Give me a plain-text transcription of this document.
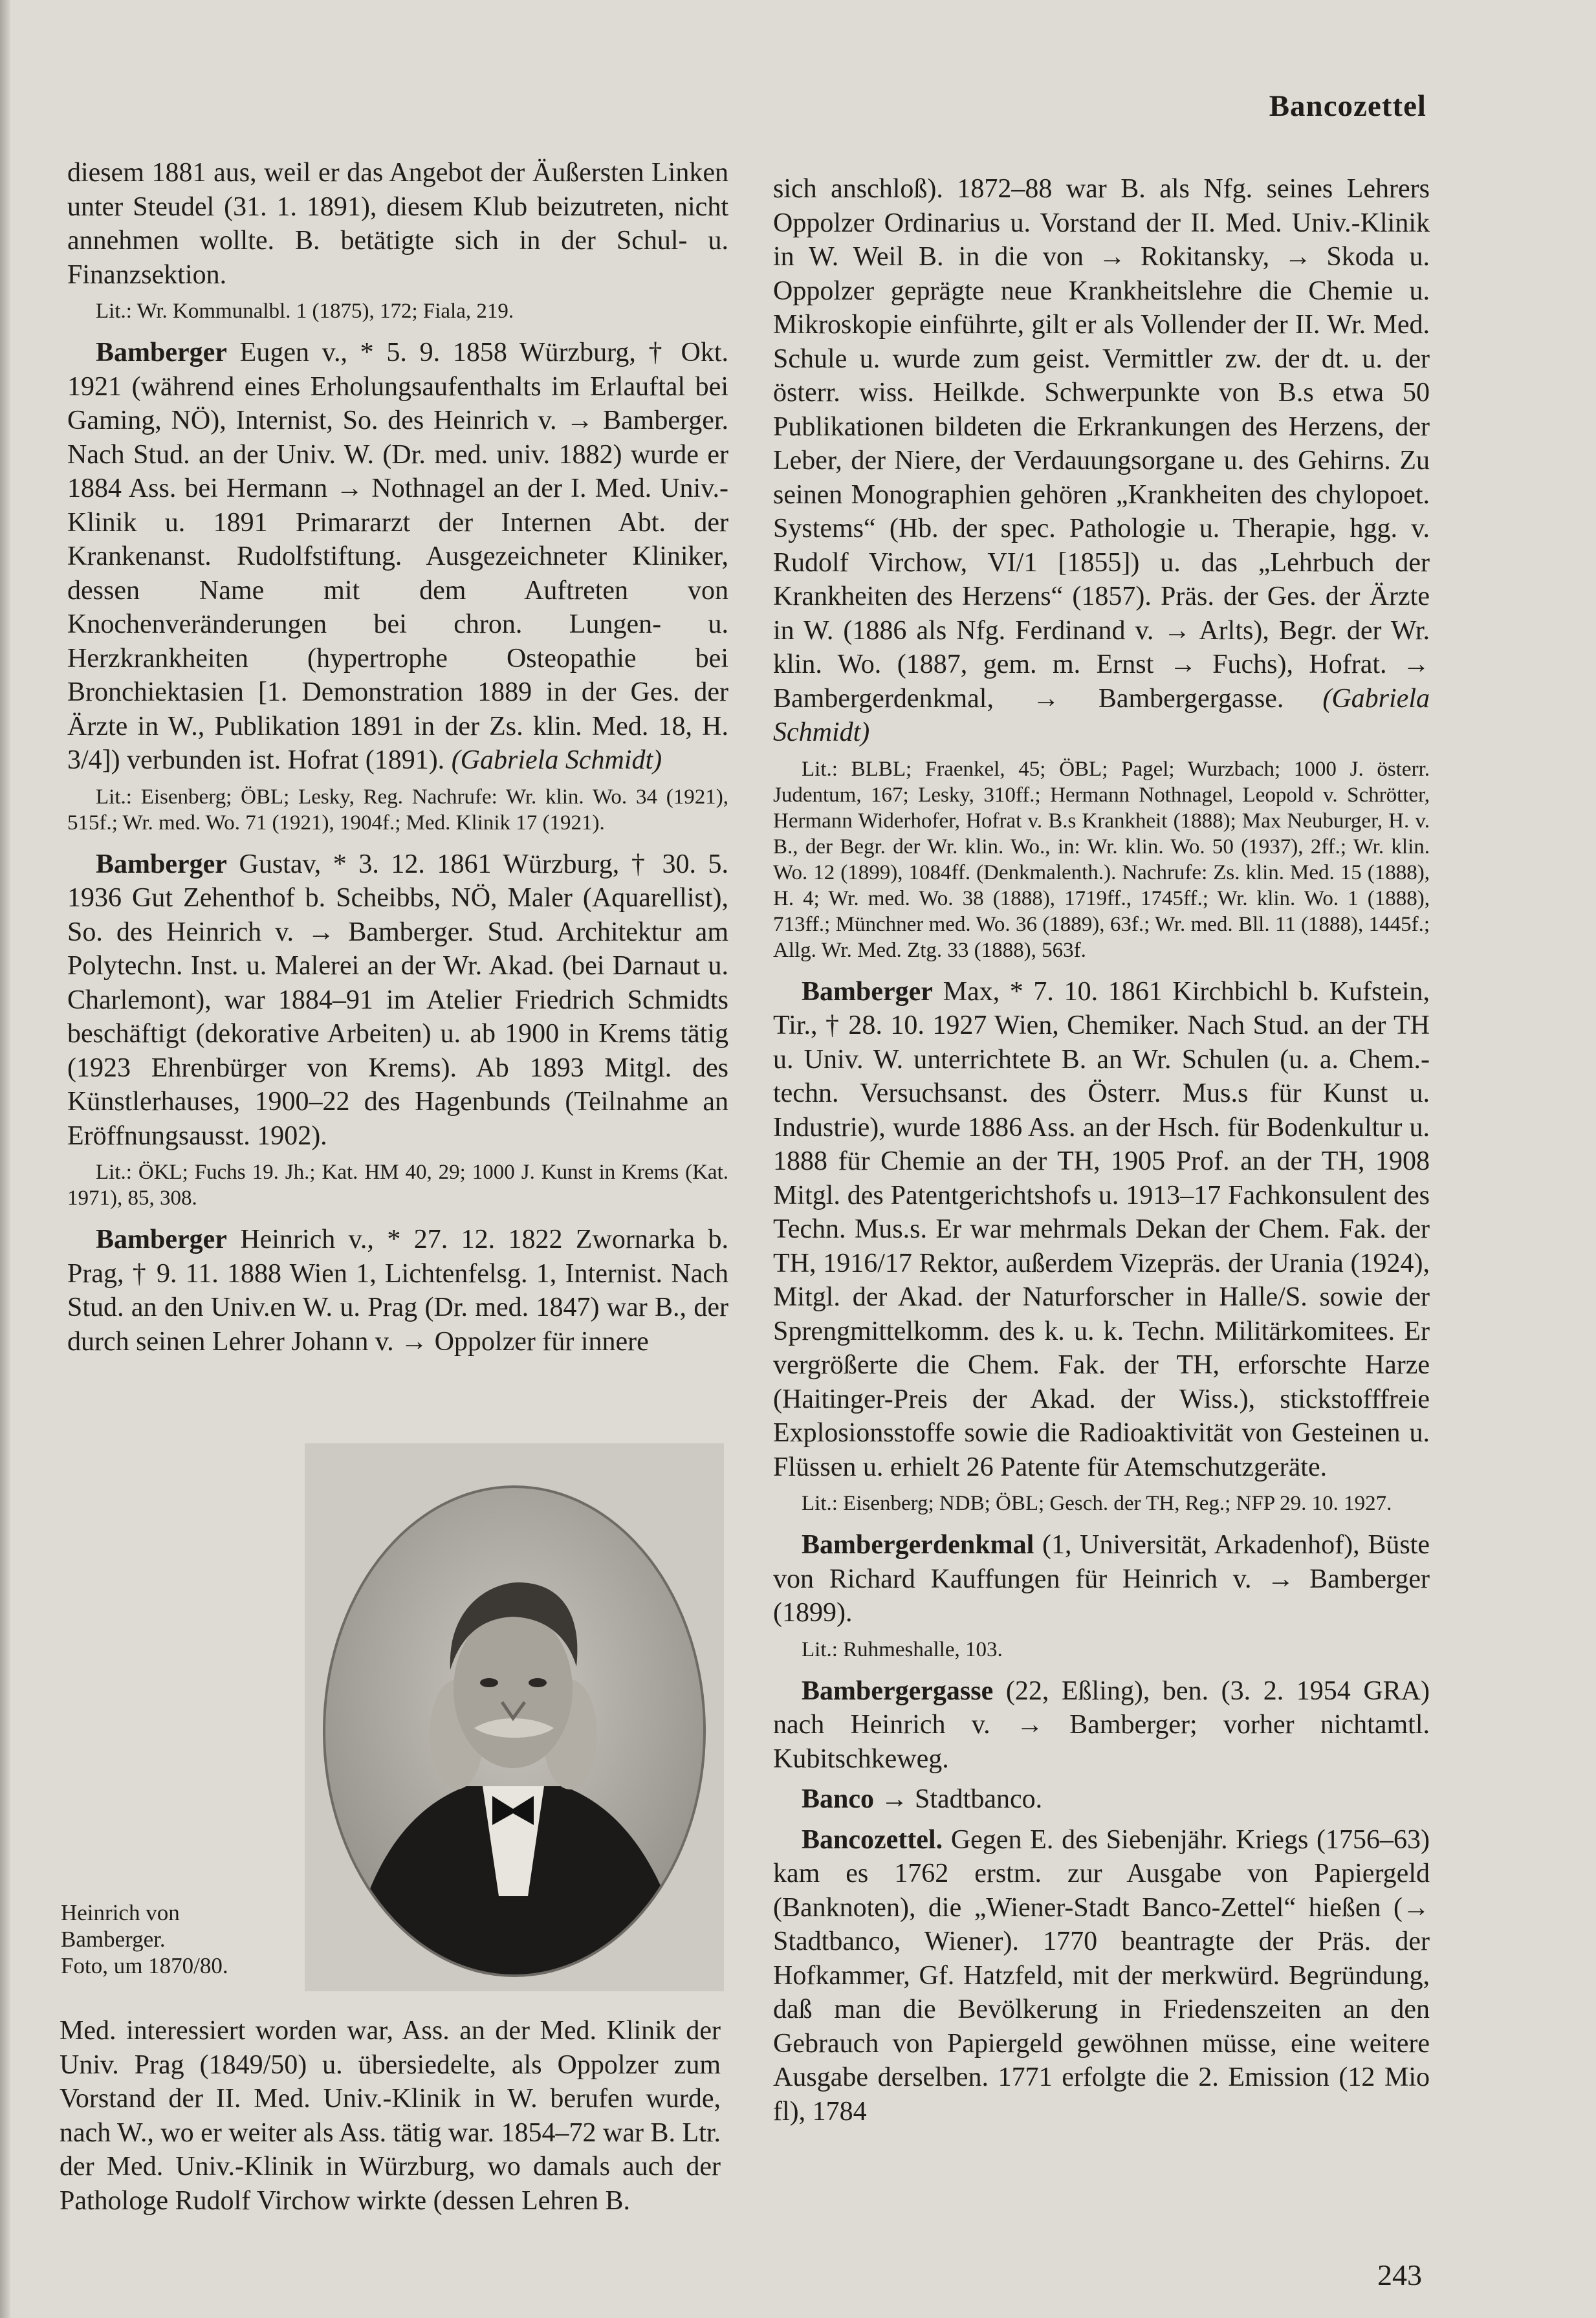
Bancozettel

diesem 1881 aus, weil er das Angebot der Äußersten Linken unter Steudel (31. 1. 1891), diesem Klub beizutreten, nicht annehmen wollte. B. betätigte sich in der Schul- u. Finanzsektion.

Lit.: Wr. Kommunalbl. 1 (1875), 172; Fiala, 219.

Bamberger Eugen v., * 5. 9. 1858 Würzburg, † Okt. 1921 (während eines Erholungsaufenthalts im Erlauftal bei Gaming, NÖ), Internist, So. des Heinrich v. → Bamberger. Nach Stud. an der Univ. W. (Dr. med. univ. 1882) wurde er 1884 Ass. bei Hermann → Nothnagel an der I. Med. Univ.-Klinik u. 1891 Primararzt der Internen Abt. der Krankenanst. Rudolfstiftung. Ausgezeichneter Kliniker, dessen Name mit dem Auftreten von Knochenveränderungen bei chron. Lungen- u. Herzkrankheiten (hypertrophe Osteopathie bei Bronchiektasien [1. Demonstration 1889 in der Ges. der Ärzte in W., Publikation 1891 in der Zs. klin. Med. 18, H. 3/4]) verbunden ist. Hofrat (1891). (Gabriela Schmidt)

Lit.: Eisenberg; ÖBL; Lesky, Reg. Nachrufe: Wr. klin. Wo. 34 (1921), 515f.; Wr. med. Wo. 71 (1921), 1904f.; Med. Klinik 17 (1921).

Bamberger Gustav, * 3. 12. 1861 Würzburg, † 30. 5. 1936 Gut Zehenthof b. Scheibbs, NÖ, Maler (Aquarellist), So. des Heinrich v. → Bamberger. Stud. Architektur am Polytechn. Inst. u. Malerei an der Wr. Akad. (bei Darnaut u. Charlemont), war 1884–91 im Atelier Friedrich Schmidts beschäftigt (dekorative Arbeiten) u. ab 1900 in Krems tätig (1923 Ehrenbürger von Krems). Ab 1893 Mitgl. des Künstlerhauses, 1900–22 des Hagenbunds (Teilnahme an Eröffnungsausst. 1902).

Lit.: ÖKL; Fuchs 19. Jh.; Kat. HM 40, 29; 1000 J. Kunst in Krems (Kat. 1971), 85, 308.

Bamberger Heinrich v., * 27. 12. 1822 Zwornarka b. Prag, † 9. 11. 1888 Wien 1, Lichtenfelsg. 1, Internist. Nach Stud. an den Univ.en W. u. Prag (Dr. med. 1847) war B., der durch seinen Lehrer Johann v. → Oppolzer für innere

Heinrich von
Bamberger.
Foto, um 1870/80.

Med. interessiert worden war, Ass. an der Med. Klinik der Univ. Prag (1849/50) u. übersiedelte, als Oppolzer zum Vorstand der II. Med. Univ.-Klinik in W. berufen wurde, nach W., wo er weiter als Ass. tätig war. 1854–72 war B. Ltr. der Med. Univ.-Klinik in Würzburg, wo damals auch der Pathologe Rudolf Virchow wirkte (dessen Lehren B.

sich anschloß). 1872–88 war B. als Nfg. seines Lehrers Oppolzer Ordinarius u. Vorstand der II. Med. Univ.-Klinik in W. Weil B. in die von → Rokitansky, → Skoda u. Oppolzer geprägte neue Krankheitslehre die Chemie u. Mikroskopie einführte, gilt er als Vollender der II. Wr. Med. Schule u. wurde zum geist. Vermittler zw. der dt. u. der österr. wiss. Heilkde. Schwerpunkte von B.s etwa 50 Publikationen bildeten die Erkrankungen des Herzens, der Leber, der Niere, der Verdauungsorgane u. des Gehirns. Zu seinen Monographien gehören „Krankheiten des chylopoet. Systems“ (Hb. der spec. Pathologie u. Therapie, hgg. v. Rudolf Virchow, VI/1 [1855]) u. das „Lehrbuch der Krankheiten des Herzens“ (1857). Präs. der Ges. der Ärzte in W. (1886 als Nfg. Ferdinand v. → Arlts), Begr. der Wr. klin. Wo. (1887, gem. m. Ernst → Fuchs), Hofrat. → Bambergerdenkmal, → Bambergergasse. (Gabriela Schmidt)

Lit.: BLBL; Fraenkel, 45; ÖBL; Pagel; Wurzbach; 1000 J. österr. Judentum, 167; Lesky, 310ff.; Hermann Nothnagel, Leopold v. Schrötter, Hermann Widerhofer, Hofrat v. B.s Krankheit (1888); Max Neuburger, H. v. B., der Begr. der Wr. klin. Wo., in: Wr. klin. Wo. 50 (1937), 2ff.; Wr. klin. Wo. 12 (1899), 1084ff. (Denkmalenth.). Nachrufe: Zs. klin. Med. 15 (1888), H. 4; Wr. med. Wo. 38 (1888), 1719ff., 1745ff.; Wr. klin. Wo. 1 (1888), 713ff.; Münchner med. Wo. 36 (1889), 63f.; Wr. med. Bll. 11 (1888), 1445f.; Allg. Wr. Med. Ztg. 33 (1888), 563f.

Bamberger Max, * 7. 10. 1861 Kirchbichl b. Kufstein, Tir., † 28. 10. 1927 Wien, Chemiker. Nach Stud. an der TH u. Univ. W. unterrichtete B. an Wr. Schulen (u. a. Chem.-techn. Versuchsanst. des Österr. Mus.s für Kunst u. Industrie), wurde 1886 Ass. an der Hsch. für Bodenkultur u. 1888 für Chemie an der TH, 1905 Prof. an der TH, 1908 Mitgl. des Patentgerichtshofs u. 1913–17 Fachkonsulent des Techn. Mus.s. Er war mehrmals Dekan der Chem. Fak. der TH, 1916/17 Rektor, außerdem Vizepräs. der Urania (1924), Mitgl. der Akad. der Naturforscher in Halle/S. sowie der Sprengmittelkomm. des k. u. k. Techn. Militärkomitees. Er vergrößerte die Chem. Fak. der TH, erforschte Harze (Haitinger-Preis der Akad. der Wiss.), stickstofffreie Explosionsstoffe sowie die Radioaktivität von Gesteinen u. Flüssen u. erhielt 26 Patente für Atemschutzgeräte.

Lit.: Eisenberg; NDB; ÖBL; Gesch. der TH, Reg.; NFP 29. 10. 1927.

Bambergerdenkmal (1, Universität, Arkadenhof), Büste von Richard Kauffungen für Heinrich v. → Bamberger (1899).

Lit.: Ruhmeshalle, 103.

Bambergergasse (22, Eßling), ben. (3. 2. 1954 GRA) nach Heinrich v. → Bamberger; vorher nichtamtl. Kubitschkeweg.

Banco → Stadtbanco.

Bancozettel. Gegen E. des Siebenjähr. Kriegs (1756–63) kam es 1762 erstm. zur Ausgabe von Papiergeld (Banknoten), die „Wiener-Stadt Banco-Zettel“ hießen (→ Stadtbanco, Wiener). 1770 beantragte der Präs. der Hofkammer, Gf. Hatzfeld, mit der merkwürd. Begründung, daß man die Bevölkerung in Friedenszeiten an den Gebrauch von Papiergeld gewöhnen müsse, eine weitere Ausgabe derselben. 1771 erfolgte die 2. Emission (12 Mio fl), 1784

243
